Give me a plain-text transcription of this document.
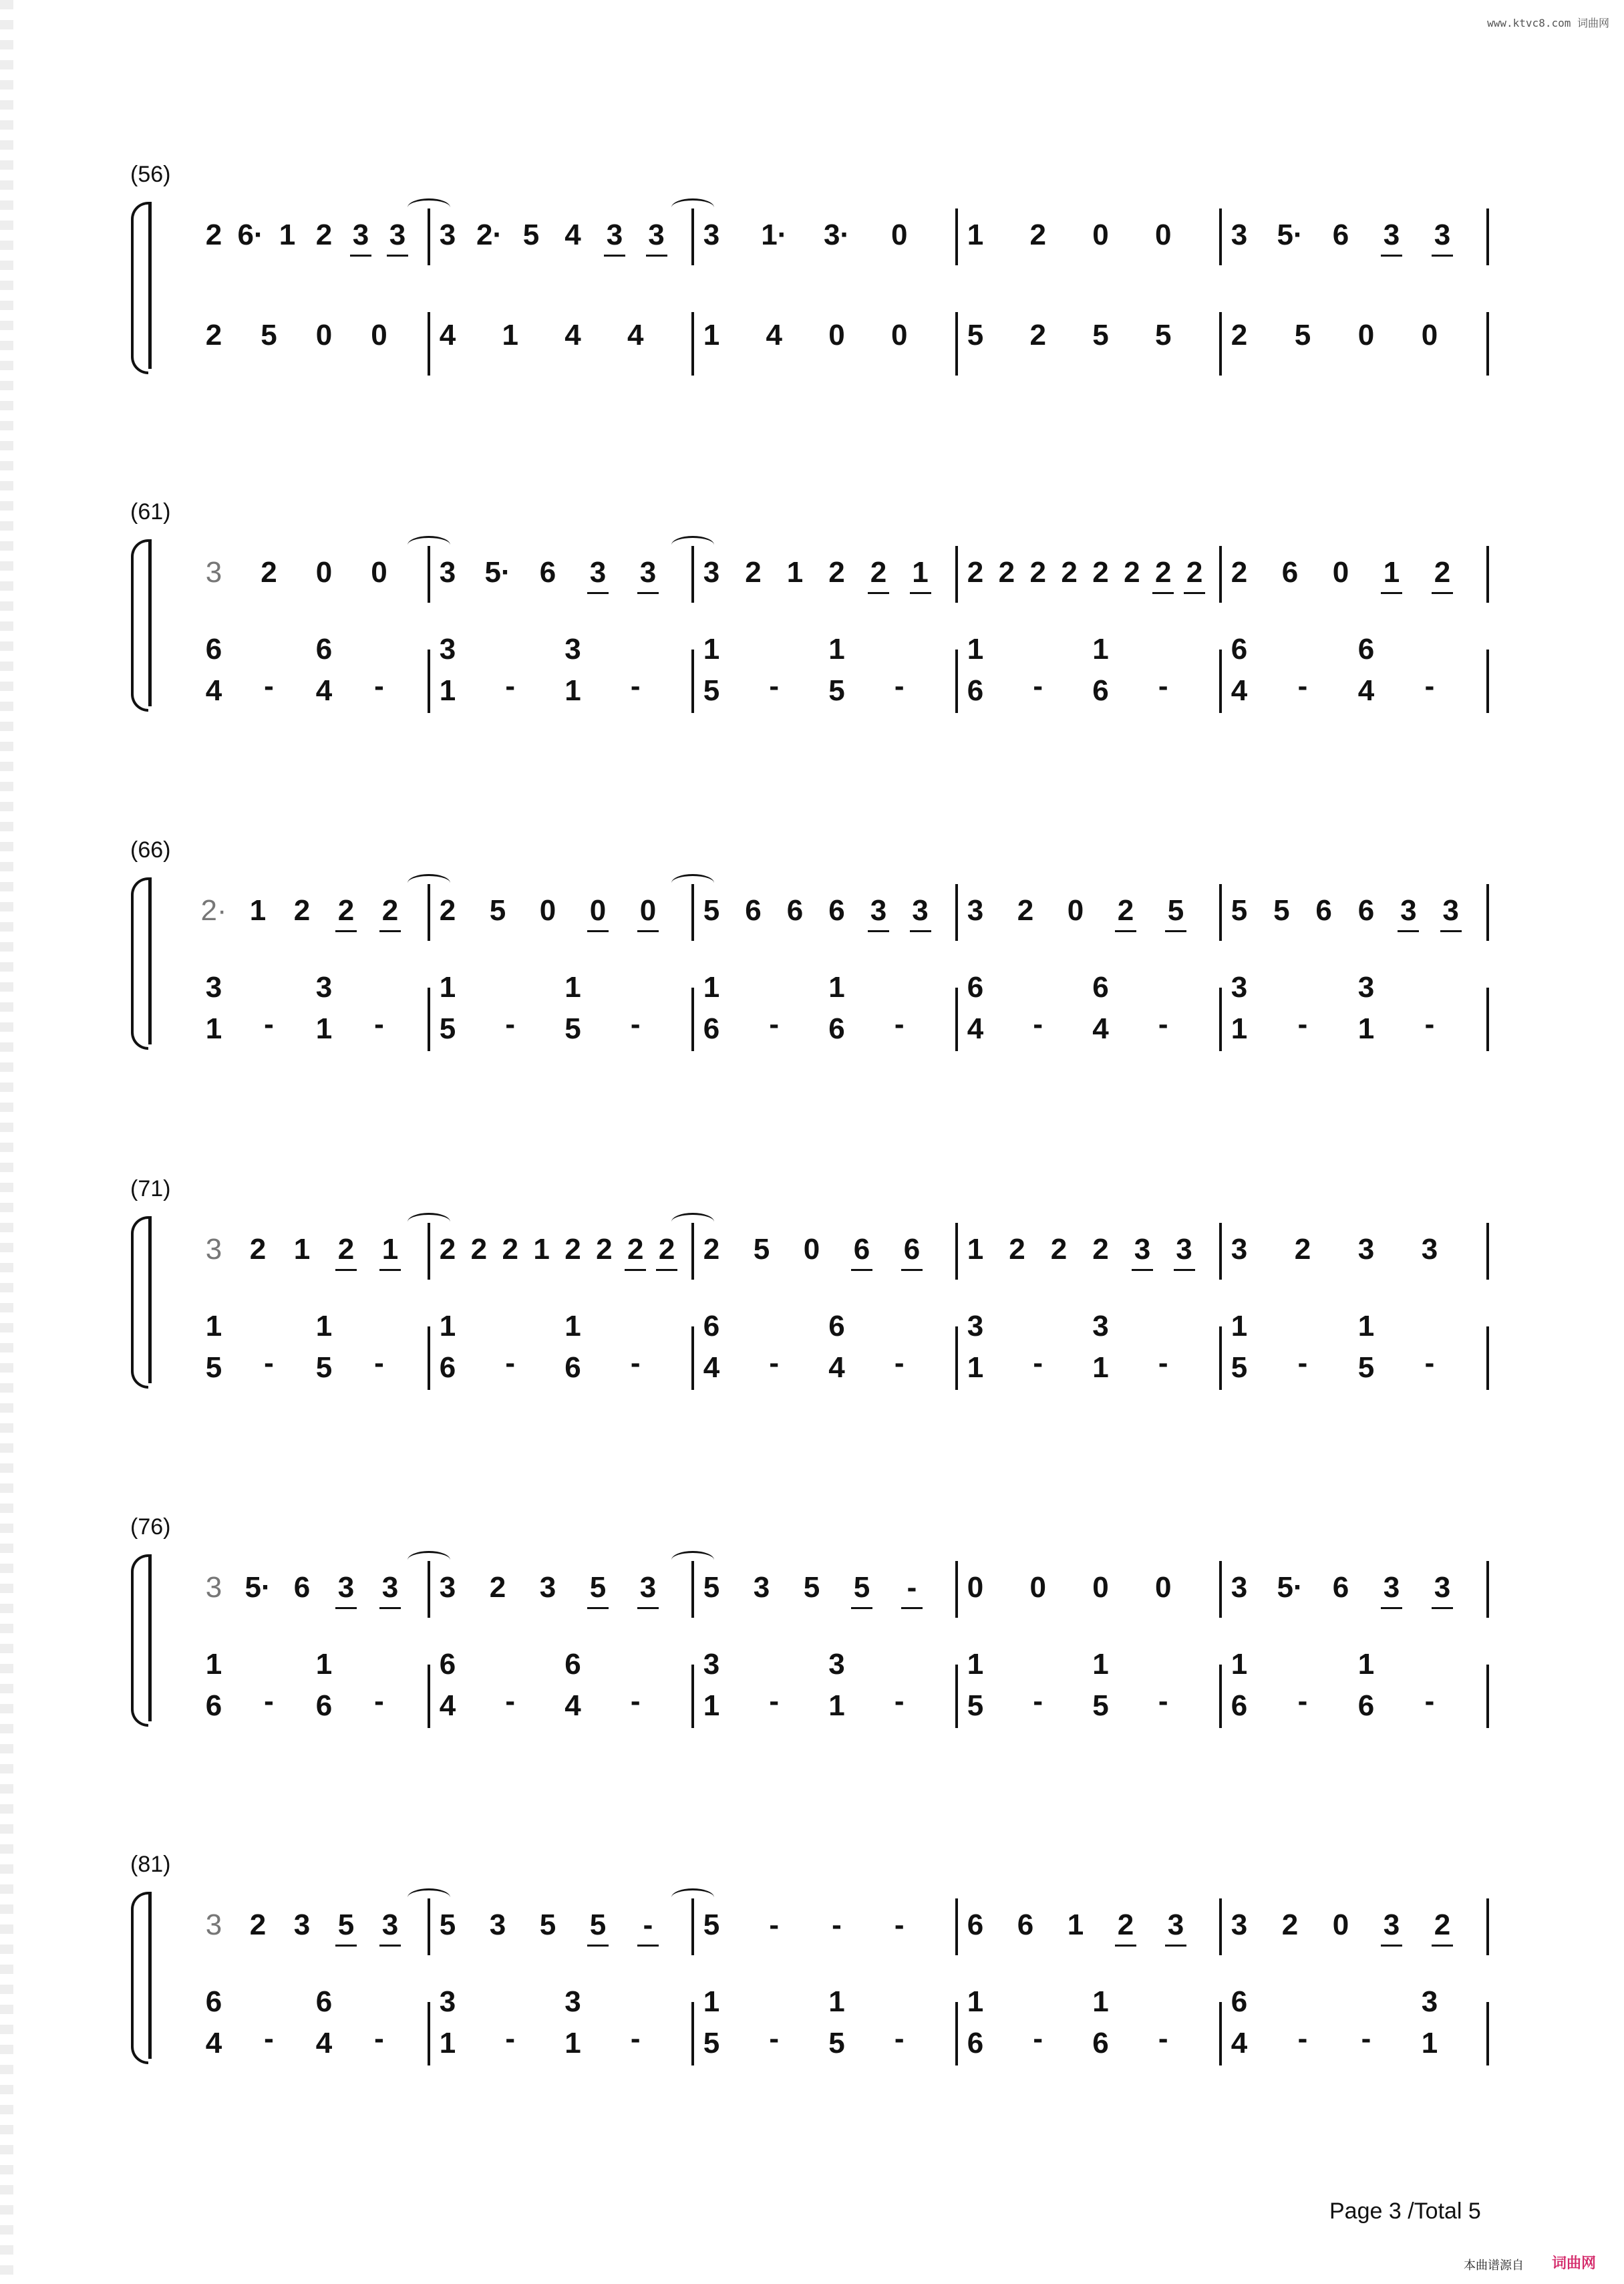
www.ktvc8.com 词曲网
(56)
2 6· 1 2 3 3 3 2· 5 4 3 3 3 1· 3· 0 1 2 0 0 3 5· 6 3 3
2 5 0 0 4 1 4 4 1 4 0 0 5 2 5 5 2 5 0 0
(61)
3 2 0 0 3 5· 6 3 3 3 2 1 2 2 1 2 2 2 2 2 2 2 2 2 6 0 1 2
6
4 -
6
4 -
3
1 -
3
1 -
1
5 -
1
5 -
1
6 -
1
6 -
6
4 -
6
4 -
(66)
2· 1 2 2 2 2 5 0 0 0 5 6 6 6 3 3 3 2 0 2 5 5 5 6 6 3 3
3
1 -
3
1 -
1
5 -
1
5 -
1
6 -
1
6 -
6
4 -
6
4 -
3
1 -
3
1 -
(71)
3 2 1 2 1 2 2 2 1 2 2 2 2 2 5 0 6 6 1 2 2 2 3 3 3 2 3 3
1
5 -
1
5 -
1
6 -
1
6 -
6
4 -
6
4 -
3
1 -
3
1 -
1
5 -
1
5 -
(76)
3 5· 6 3 3 3 2 3 5 3 5 3 5 5 - 0 0 0 0 3 5· 6 3 3
1
6 -
1
6 -
6
4 -
6
4 -
3
1 -
3
1 -
1
5 -
1
5 -
1
6 -
1
6 -
(81)
3 2 3 5 3 5 3 5 5 - 5 - - - 6 6 1 2 3 3 2 0 3 2
6
4 -
6
4 -
3
1 -
3
1 -
1
5 -
1
5 -
1
6 -
1
6 -
6
4 - -
3
1
Page 3 /Total 5
本曲谱源自 词曲网
